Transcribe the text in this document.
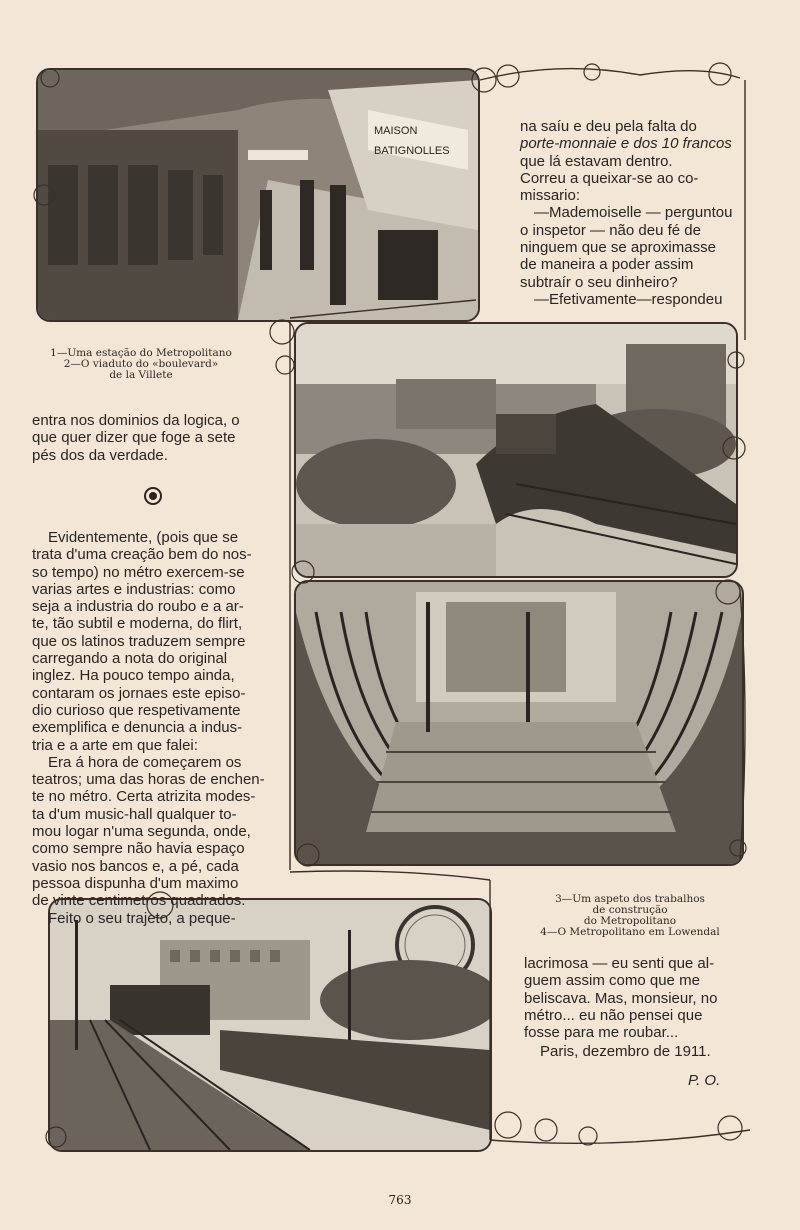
MAISON
BATIGNOLLES
1—Uma estação do Metropolitano
2—O viaduto do «boulevard»
de la Villete
3—Um aspeto dos trabalhos
de construção
do Metropolitano
4—O Metropolitano em Lowendal

na saíu e deu pela falta do

porte-monnaie e dos 10 francos

que lá estavam dentro.

Correu a queixar-se ao co-

missario:

—Mademoiselle — perguntou

o inspetor — não deu fé de

ninguem que se aproximasse

de maneira a poder assim

subtraír o seu dinheiro?

—Efetivamente—respondeu

entra nos dominios da logica, o

que quer dizer que foge a sete

pés dos da verdade.

Evidentemente, (pois que se

trata d'uma creação bem do nos-

so tempo) no métro exercem-se

varias artes e industrias: como

seja a industria do roubo e a ar-

te, tão subtil e moderna, do flirt,

que os latinos traduzem sempre

carregando a nota do original

inglez. Ha pouco tempo ainda,

contaram os jornaes este episo-

dio curioso que respetivamente

exemplifica e denuncia a indus-

tria e a arte em que falei:

Era á hora de começarem os

teatros; uma das horas de enchen-

te no métro. Certa atrizita modes-

ta d'um music-hall qualquer to-

mou logar n'uma segunda, onde,

como sempre não havia espaço

vasio nos bancos e, a pé, cada

pessoa dispunha d'um maximo

de vinte centimetros quadrados.

Feito o seu trajeto, a peque-

lacrimosa — eu senti que al-

guem assim como que me

beliscava. Mas, monsieur, no

métro... eu não pensei que

fosse para me roubar...

Paris, dezembro de 1911.
P. O.
763
